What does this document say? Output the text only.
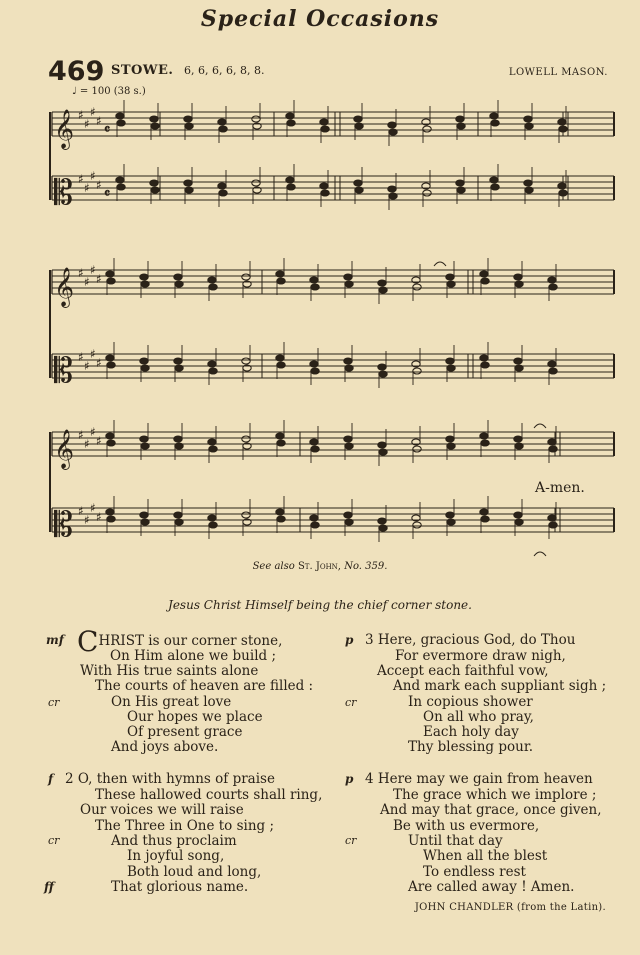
Special Occasions
469 STOWE. 6, 6, 6, 6, 8, 8.	LOWELL MASON.
♩ = 100 (38 s.)
𝄞 ♯
♯
♯
♯
𝄴
𝄡 ♯
♯
♯
♯
𝄴
𝄞 ♯
♯
♯
♯
𝄡 ♯
♯
♯
♯
𝄞 ♯
♯
♯
♯
𝄡 ♯
♯
♯
♯
A-men.
See also St. John, No. 359.
Jesus Christ Himself being the chief corner stone.
mf
cr
CHRIST is our corner stone,
On Him alone we build ;
With His true saints alone
The courts of heaven are filled :
On His great love
Our hopes we place
Of present grace
And joys above.
f
cr
ff
2 O, then with hymns of praise
These hallowed courts shall ring,
Our voices we will raise
The Three in One to sing ;
And thus proclaim
In joyful song,
Both loud and long,
That glorious name.
p
cr
3 Here, gracious God, do Thou
For evermore draw nigh,
Accept each faithful vow,
And mark each suppliant sigh ;
In copious shower
On all who pray,
Each holy day
Thy blessing pour.
p
cr
4 Here may we gain from heaven
The grace which we implore ;
And may that grace, once given,
Be with us evermore,
Until that day
When all the blest
To endless rest
Are called away ! Amen.
JOHN CHANDLER (from the Latin).
